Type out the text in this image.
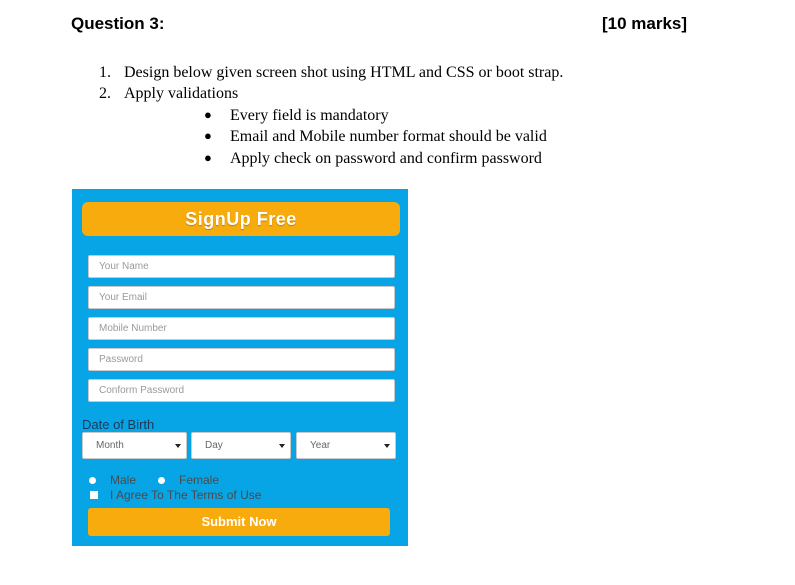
Question 3:	[10 marks]
1. Design below given screen shot using HTML and CSS or boot strap.
2. Apply validations
● Every field is mandatory
● Email and Mobile number format should be valid
● Apply check on password and confirm password
SignUp Free
Your Name
Your Email
Mobile Number
Password
Conform Password
Date of Birth
Month	Day	Year
Male	Female
I Agree To The Terms of Use
Submit Now
